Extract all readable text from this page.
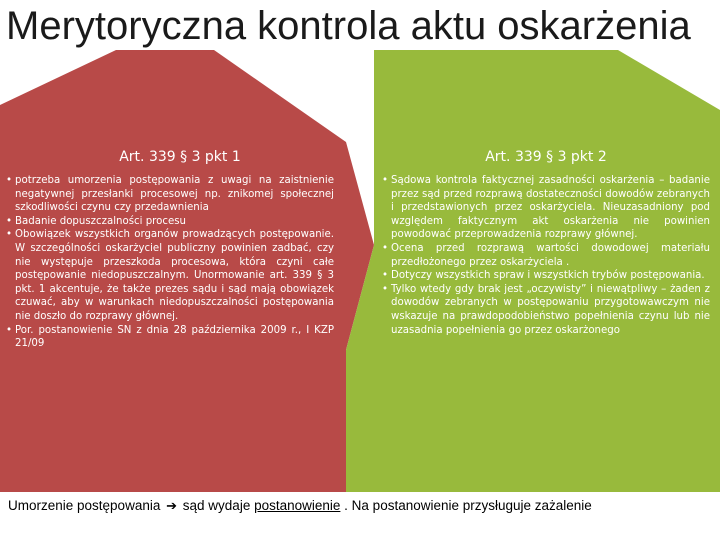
Merytoryczna kontrola aktu oskarżenia
Art. 339 § 3 pkt 1
• potrzeba umorzenia postępowania z uwagi na zaistnienie negatywnej przesłanki procesowej np. znikomej społecznej szkodliwości czynu czy przedawnienia
• Badanie dopuszczalności procesu
• Obowiązek wszystkich organów prowadzących postępowanie. W szczególności oskarżyciel publiczny powinien zadbać, czy nie występuje przeszkoda procesowa, która czyni całe postępowanie niedopuszczalnym. Unormowanie art. 339 § 3 pkt. 1 akcentuje, że także prezes sądu i sąd mają obowiązek czuwać, aby w warunkach niedopuszczalności postępowania nie doszło do rozprawy głównej.
• Por. postanowienie SN z dnia 28 października 2009 r., I KZP 21/09
Art. 339 § 3 pkt 2
• Sądowa kontrola faktycznej zasadności oskarżenia – badanie przez sąd przed rozprawą dostateczności dowodów zebranych i przedstawionych przez oskarżyciela. Nieuzasadniony pod względem faktycznym akt oskarżenia nie powinien powodować przeprowadzenia rozprawy głównej.
• Ocena przed rozprawą wartości dowodowej materiału przedłożonego przez oskarżyciela .
• Dotyczy wszystkich spraw i wszystkich trybów postępowania.
• Tylko wtedy gdy brak jest „oczywisty” i niewątpliwy – żaden z dowodów zebranych w postępowaniu przygotowawczym nie wskazuje na prawdopodobieństwo popełnienia czynu lub nie uzasadnia popełnienia go przez oskarżonego
Umorzenie postępowania ➔ sąd wydaje postanowienie . Na postanowienie przysługuje zażalenie
